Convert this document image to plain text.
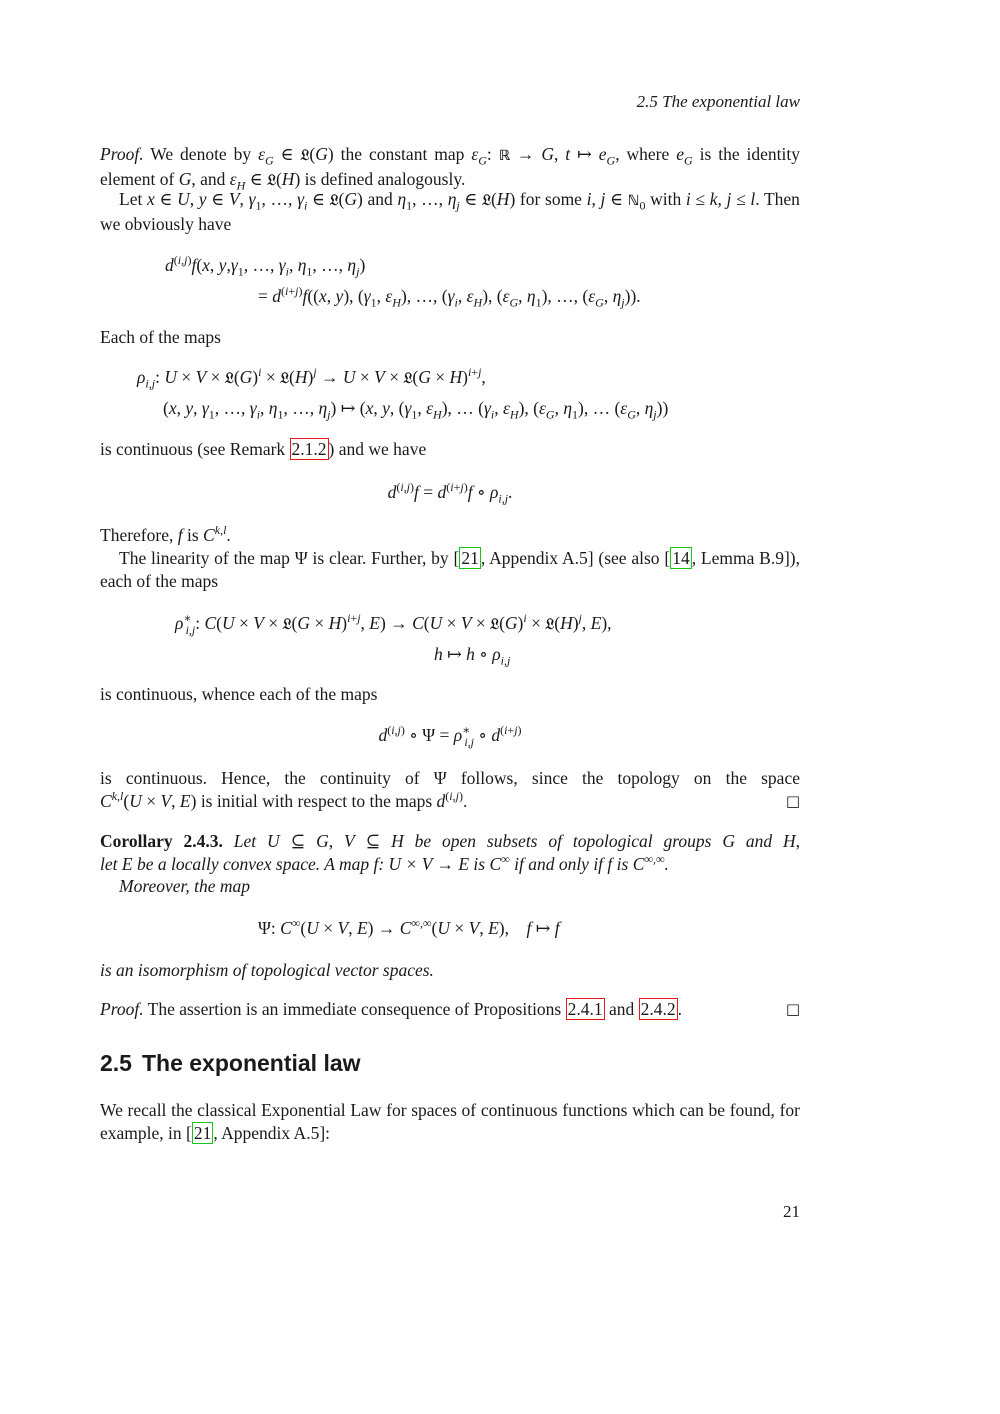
2.5 The exponential law
Proof. We denote by $\varepsilon_G$ ∈ 𝔏(G) the constant map $\varepsilon_G$: ℝ → G, t ↦ $e_G$, where $e_G$ is the identity element of G, and $\varepsilon_H$ ∈ 𝔏(H) is defined analogously.
Let x ∈ U, y ∈ V, $\gamma_1$, …, $\gamma_i$ ∈ 𝔏(G) and $\eta_1$, …, $\eta_j$ ∈ 𝔏(H) for some i, j ∈ ℕ$_0$ with i ≤ k, j ≤ l. Then we obviously have
$d^{(i,j)}f(x$, $y,\gamma_1$, …, $\gamma_i$, $\eta_1$, …, $\eta_j$)
= $d^{(i+j)}f((x$, y), ($\gamma_1$, $\varepsilon_H$), …, ($\gamma_i$, $\varepsilon_H$), ($\varepsilon_G$, $\eta_1$), …, ($\varepsilon_G$, $\eta_j$)).
Each of the maps
$\rho_{i,j}$: $U \times V \times 𝔏(G)^i$ × $𝔏(H)^j \to U \times V$ × 𝔏(G × H)$^{i+j}$,
(x, y, $\gamma_1$, …, $\gamma_i$, $\eta_1$, …, $\eta_j$) ↦ (x, y, ($\gamma_1$, $\varepsilon_H$), … ($\gamma_i$, $\varepsilon_H$), ($\varepsilon_G$, $\eta_1$), … ($\varepsilon_G$, $\eta_j$))
is continuous (see Remark 2.1.2 ) and we have
$d^{(i,j)}f = d^{(i+j)}f$ ∘ $\rho_{i,j}$.
Therefore, f is C$^{k,l}$.
The linearity of the map Ψ is clear. Further, by [ 21 , Appendix A.5] (see also [ 14 , Lemma B.9]), each of the maps
$\rho^∗_{i,j}$: C(U × V × 𝔏(G × H)$^{i+j}$, $E) \to C(U \times V \times 𝔏(G)^i$ × $𝔏(H)^j$, E),
h ↦ h ∘ $\rho_{i,j}$
is continuous, whence each of the maps
$d^{(i,j)}$ ∘ $\Psi = \rho^∗_{i,j}$ ∘ $d^{(i+j)}$
is continuous. Hence, the continuity of Ψ follows, since the topology on the space
C$^{k,l}$(U × V, E) is initial with respect to the maps $d^{(i,j)}$.	□
Corollary 2.4.3. Let U ⊆ G, V ⊆ H be open subsets of topological groups G and H,
let E be a locally convex space. A map f: U × V → E is C∞ if and only if f is C∞,∞.
Moreover, the map
Ψ: C∞(U × V, E) → C∞,∞(U × V, E),    f ↦ f
is an isomorphism of topological vector spaces.
Proof. The assertion is an immediate consequence of Propositions 2.4.1 and 2.4.2 .	□
2.5 The exponential law
We recall the classical Exponential Law for spaces of continuous functions which can be found, for example, in [ 21 , Appendix A.5]:
21
